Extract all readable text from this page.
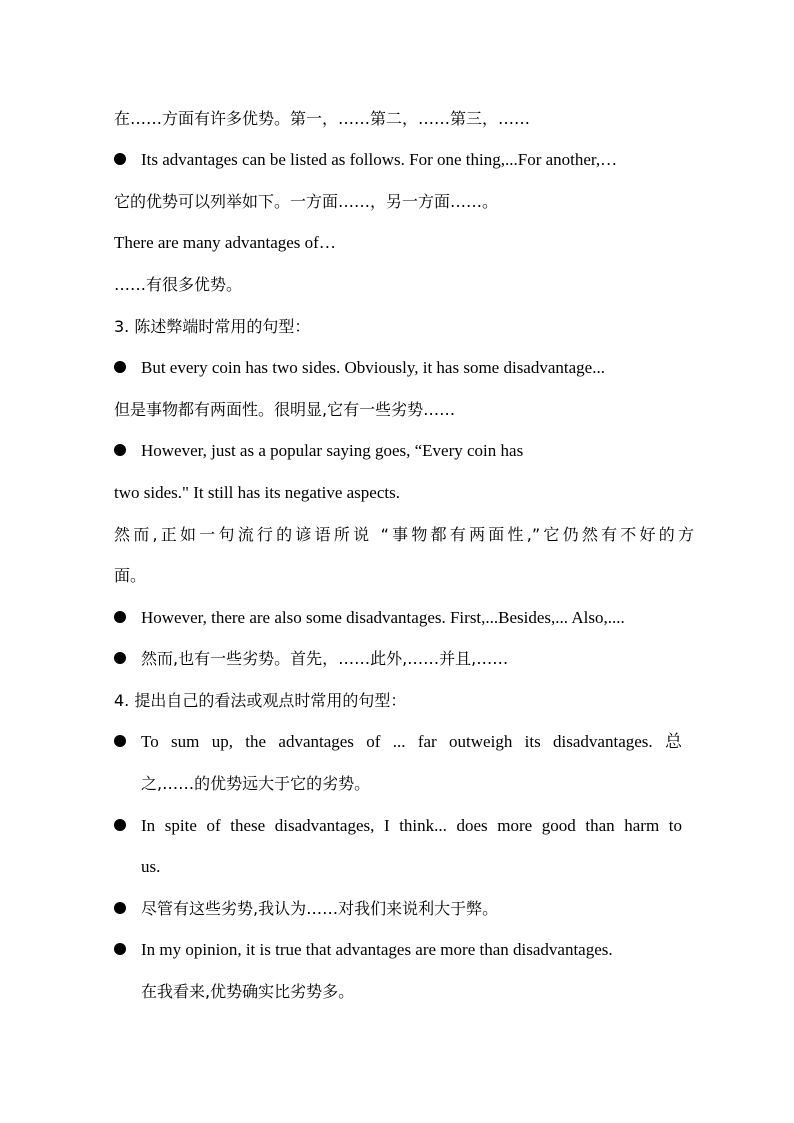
在……方面有许多优势。第一，……第二，……第三，……
Its advantages can be listed as follows. For one thing,...For another,…
它的优势可以列举如下。一方面……，另一方面……。
There are many advantages of…
……有很多优势。
3. 陈述弊端时常用的句型：
But every coin has two sides. Obviously, it has some disadvantage...
但是事物都有两面性。很明显,它有一些劣势……
However, just as a popular saying goes, “Every coin has
two sides." It still has its negative aspects.
然而,正如一句流行的谚语所说 “事物都有两面性,”它仍然有不好的方
面。
However, there are also some disadvantages. First,...Besides,... Also,....
然而,也有一些劣势。首先，……此外,……并且,……
4. 提出自己的看法或观点时常用的句型：
To sum up, the advantages of ... far outweigh its disadvantages. 总
之,……的优势远大于它的劣势。
In spite of these disadvantages, I think... does more good than harm to
us.
尽管有这些劣势,我认为……对我们来说利大于弊。
In my opinion, it is true that advantages are more than disadvantages.
在我看来,优势确实比劣势多。
